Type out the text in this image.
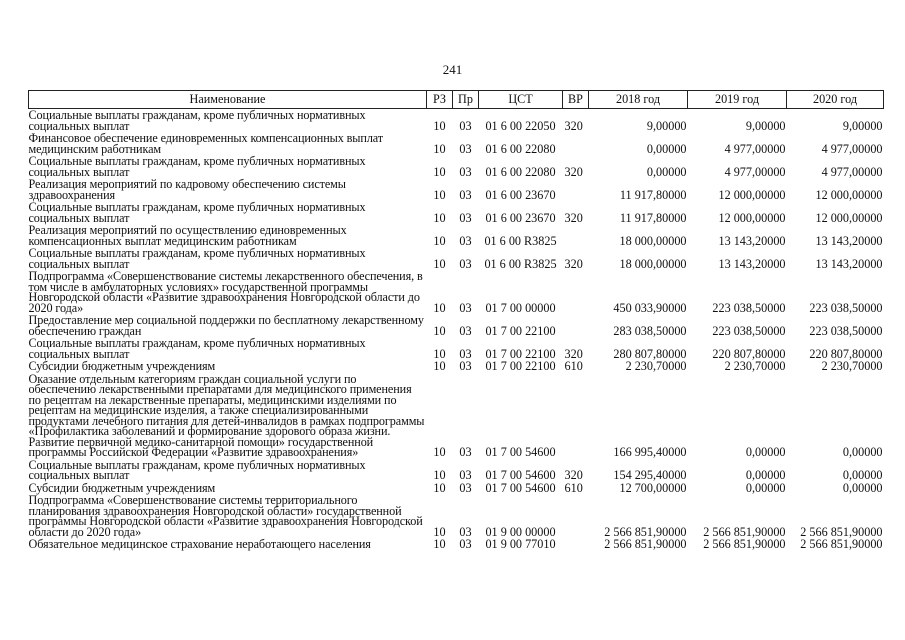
241
Наименование	РЗ	Пр	ЦСТ	ВР	2018 год	2019 год	2020 год
Социальные выплаты гражданам, кроме публичных нормативных социальных выплат	10	03	01 6 00 22050	320	9,00000	9,00000	9,00000
Финансовое обеспечение единовременных компенсационных выплат медицинским работникам	10	03	01 6 00 22080		0,00000	4 977,00000	4 977,00000
Социальные выплаты гражданам, кроме публичных нормативных социальных выплат	10	03	01 6 00 22080	320	0,00000	4 977,00000	4 977,00000
Реализация мероприятий по кадровому обеспечению системы здравоохранения	10	03	01 6 00 23670		11 917,80000	12 000,00000	12 000,00000
Социальные выплаты гражданам, кроме публичных нормативных социальных выплат	10	03	01 6 00 23670	320	11 917,80000	12 000,00000	12 000,00000
Реализация мероприятий по осуществлению единовременных компенсационных выплат медицинским работникам	10	03	01 6 00 R3825		18 000,00000	13 143,20000	13 143,20000
Социальные выплаты гражданам, кроме публичных нормативных социальных выплат	10	03	01 6 00 R3825	320	18 000,00000	13 143,20000	13 143,20000
Подпрограмма «Совершенствование системы лекарственного обеспечения, в том числе в амбулаторных условиях» государственной программы Новгородской области «Развитие здравоохранения Новгородской области до 2020 года»	10	03	01 7 00 00000		450 033,90000	223 038,50000	223 038,50000
Предоставление мер социальной поддержки по бесплатному лекарственному обеспечению граждан	10	03	01 7 00 22100		283 038,50000	223 038,50000	223 038,50000
Социальные выплаты гражданам, кроме публичных нормативных социальных выплат	10	03	01 7 00 22100	320	280 807,80000	220 807,80000	220 807,80000
Субсидии бюджетным учреждениям	10	03	01 7 00 22100	610	2 230,70000	2 230,70000	2 230,70000
Оказание отдельным категориям граждан социальной услуги по обеспечению лекарственными препаратами для медицинского применения по рецептам на лекарственные препараты, медицинскими изделиями по рецептам на медицинские изделия, а также специализированными продуктами лечебного питания для детей-инвалидов в рамках подпрограммы «Профилактика заболеваний и формирование здорового образа жизни. Развитие первичной медико-санитарной помощи» государственной программы Российской Федерации «Развитие здравоохранения»	10	03	01 7 00 54600		166 995,40000	0,00000	0,00000
Социальные выплаты гражданам, кроме публичных нормативных социальных выплат	10	03	01 7 00 54600	320	154 295,40000	0,00000	0,00000
Субсидии бюджетным учреждениям	10	03	01 7 00 54600	610	12 700,00000	0,00000	0,00000
Подпрограмма «Совершенствование системы территориального планирования здравоохранения Новгородской области» государственной программы Новгородской области «Развитие здравоохранения Новгородской области до 2020 года»	10	03	01 9 00 00000		2 566 851,90000	2 566 851,90000	2 566 851,90000
Обязательное медицинское страхование неработающего населения	10	03	01 9 00 77010		2 566 851,90000	2 566 851,90000	2 566 851,90000
